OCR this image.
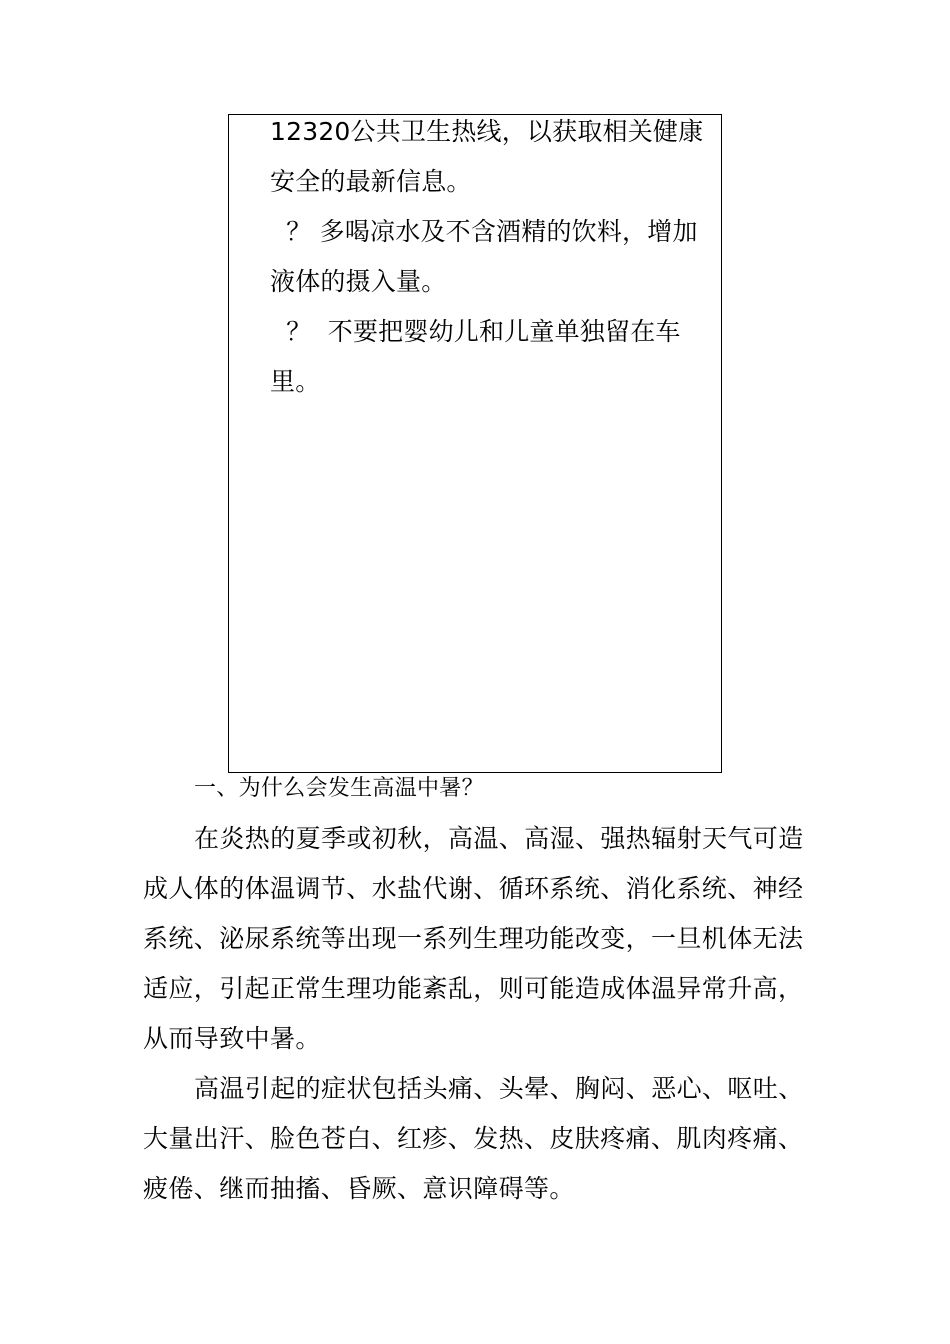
12320公共卫生热线，以获取相关健康
安全的最新信息。
？ 多喝凉水及不含酒精的饮料，增加
液体的摄入量。
？  不要把婴幼儿和儿童单独留在车
里。
一、为什么会发生高温中暑？
在炎热的夏季或初秋，高温、高湿、强热辐射天气可造
成人体的体温调节、水盐代谢、循环系统、消化系统、神经
系统、泌尿系统等出现一系列生理功能改变，一旦机体无法
适应，引起正常生理功能紊乱，则可能造成体温异常升高，
从而导致中暑。
高温引起的症状包括头痛、头晕、胸闷、恶心、呕吐、
大量出汗、脸色苍白、红疹、发热、皮肤疼痛、肌肉疼痛、
疲倦、继而抽搐、昏厥、意识障碍等。
